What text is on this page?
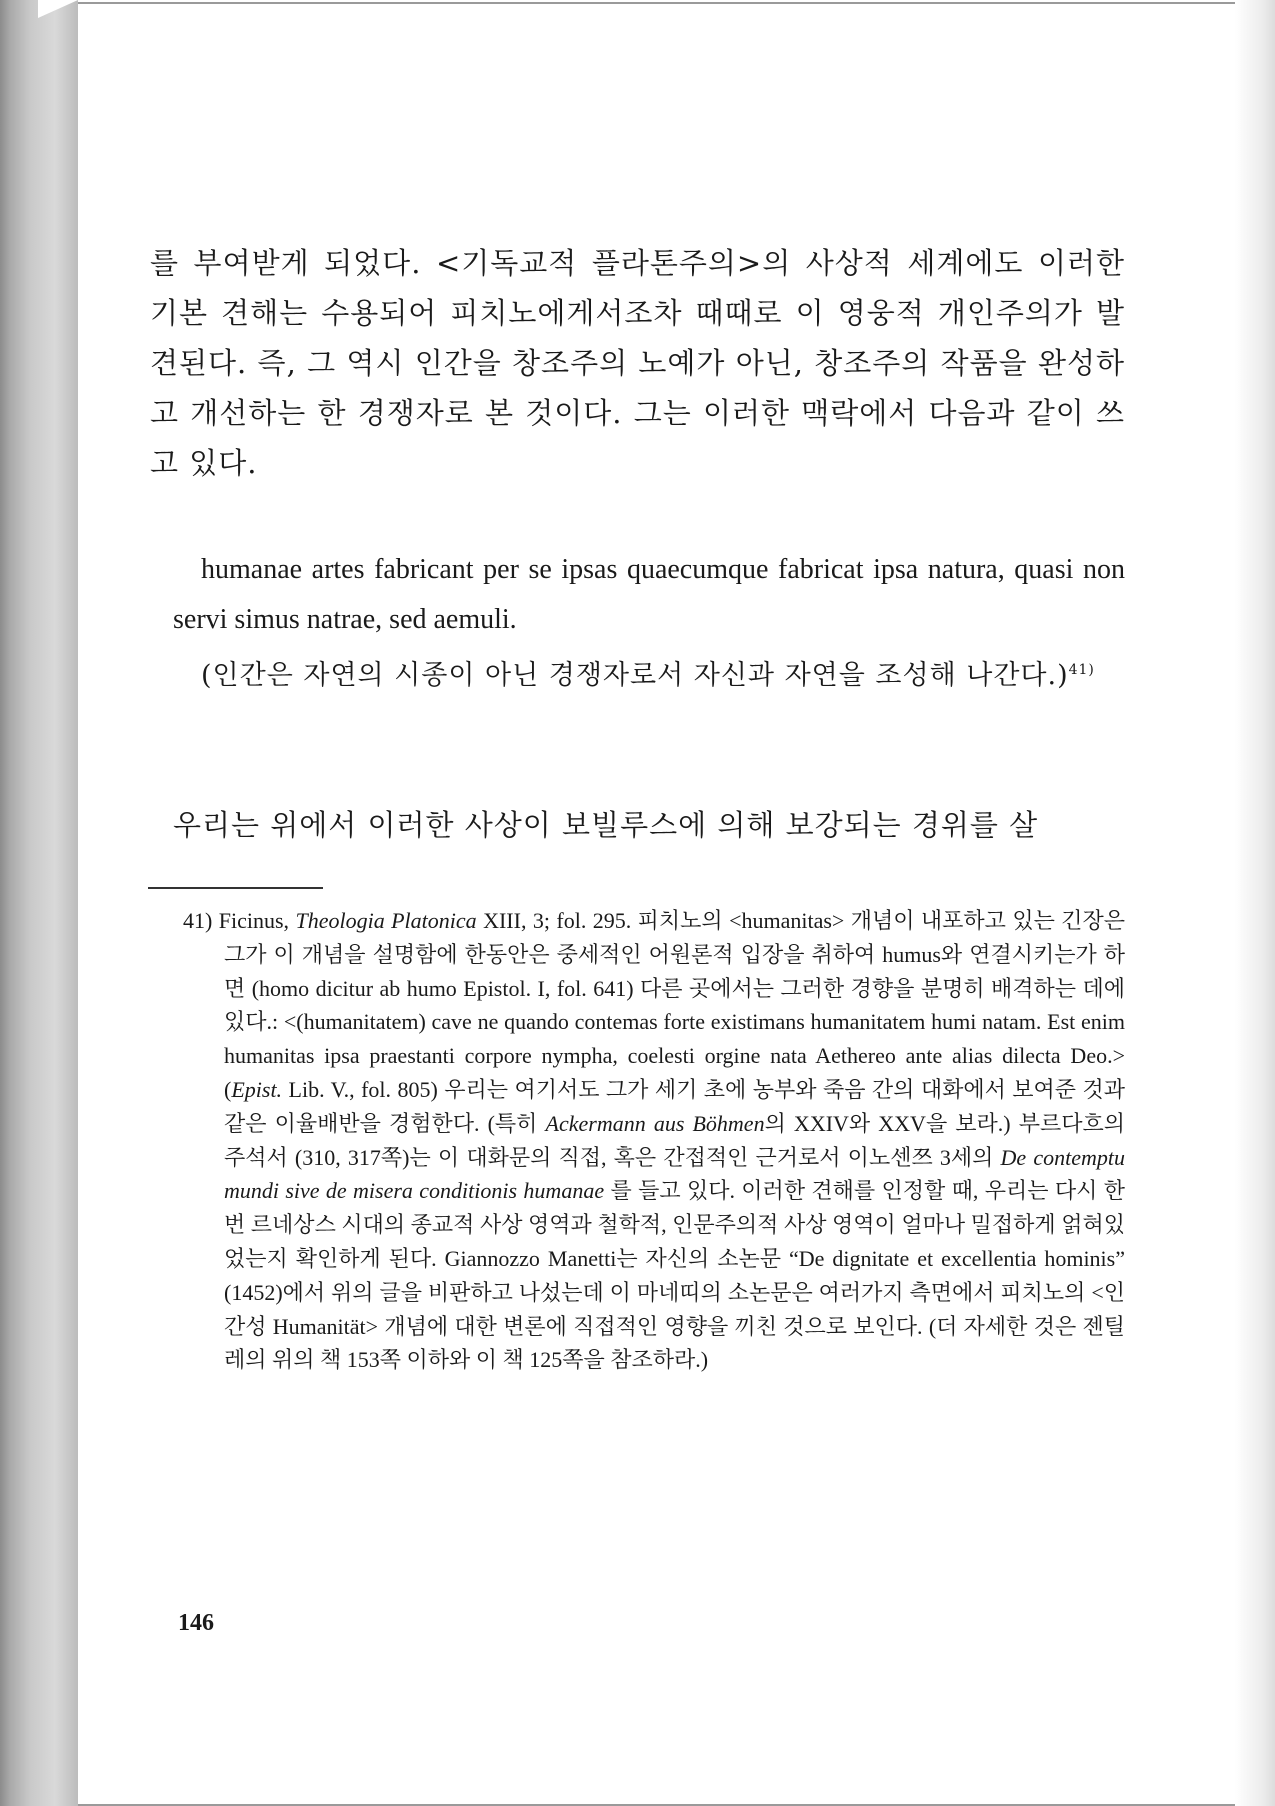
를 부여받게 되었다. <기독교적 플라톤주의>의 사상적 세계에도 이러한 기본 견해는 수용되어 피치노에게서조차 때때로 이 영웅적 개인주의가 발견된다. 즉, 그 역시 인간을 창조주의 노예가 아닌, 창조주의 작품을 완성하고 개선하는 한 경쟁자로 본 것이다. 그는 이러한 맥락에서 다음과 같이 쓰고 있다.

humanae artes fabricant per se ipsas quaecumque fabricat ipsa natura, quasi non servi simus natrae, sed aemuli.

(인간은 자연의 시종이 아닌 경쟁자로서 자신과 자연을 조성해 나간다.)$^{41)}$

우리는 위에서 이러한 사상이 보빌루스에 의해 보강되는 경위를 살

41) Ficinus, Theologia Platonica XIII, 3; fol. 295. 피치노의 <humanitas> 개념이 내포하고 있는 긴장은 그가 이 개념을 설명함에 한동안은 중세적인 어원론적 입장을 취하여 humus와 연결시키는가 하면 (homo dicitur ab humo Epistol. I, fol. 641) 다른 곳에서는 그러한 경향을 분명히 배격하는 데에 있다.: <(humanitatem) cave ne quando contemas forte existimans humanitatem humi natam. Est enim humanitas ipsa praestanti corpore nympha, coelesti orgine nata Aethereo ante alias dilecta Deo.> (Epist. Lib. V., fol. 805) 우리는 여기서도 그가 세기 초에 농부와 죽음 간의 대화에서 보여준 것과 같은 이율배반을 경험한다. (특히 Ackermann aus Böhmen의 XXIV와 XXV을 보라.) 부르다흐의 주석서 (310, 317쪽)는 이 대화문의 직접, 혹은 간접적인 근거로서 이노센쯔 3세의 De contemptu mundi sive de misera conditionis humanae 를 들고 있다. 이러한 견해를 인정할 때, 우리는 다시 한번 르네상스 시대의 종교적 사상 영역과 철학적, 인문주의적 사상 영역이 얼마나 밀접하게 얽혀있었는지 확인하게 된다. Giannozzo Manetti는 자신의 소논문 “De dignitate et excellentia hominis” (1452)에서 위의 글을 비판하고 나섰는데 이 마네띠의 소논문은 여러가지 측면에서 피치노의 <인간성 Humanität> 개념에 대한 변론에 직접적인 영향을 끼친 것으로 보인다. (더 자세한 것은 젠틸레의 위의 책 153쪽 이하와 이 책 125쪽을 참조하라.)

146
